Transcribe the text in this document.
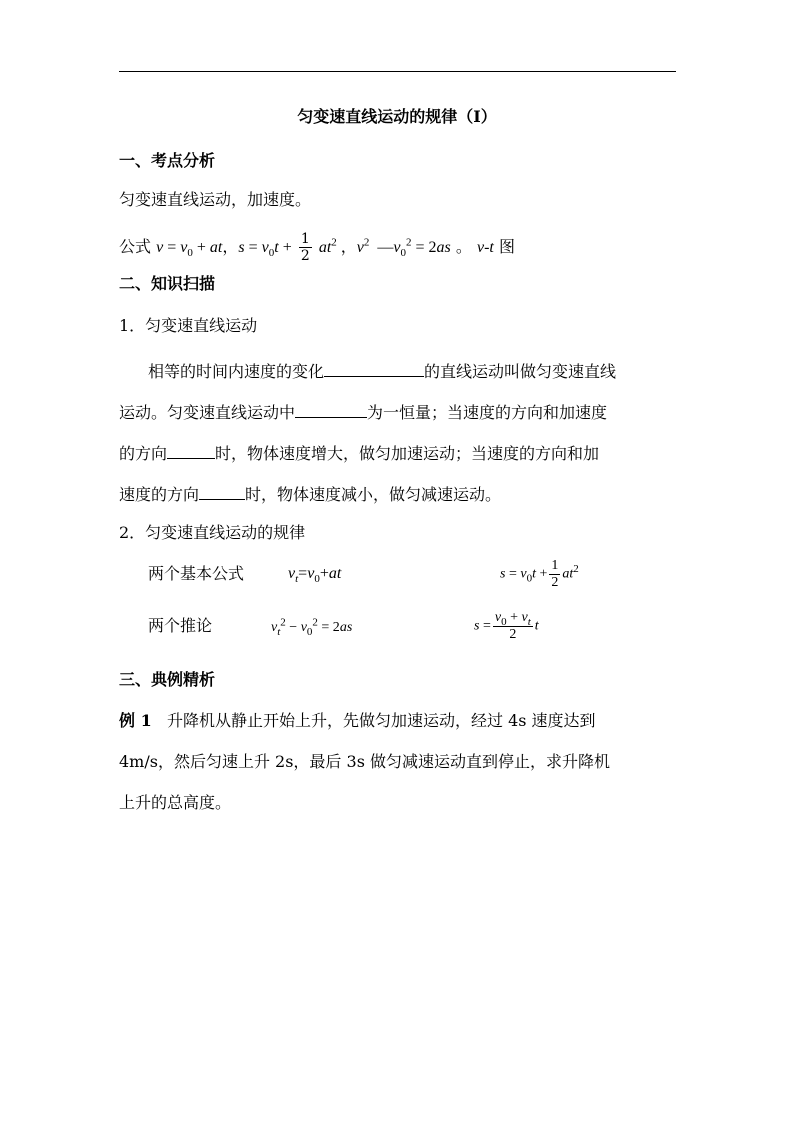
匀变速直线运动的规律（Ⅰ）
一、考点分析
匀变速直线运动，加速度。
公式 $v = v_0$ + at，$s = v_0t + \frac{1}{2} at^2$ ，$v^2$  $—v_0^2 = 2as$ 。 v-t 图
二、知识扫描
1．匀变速直线运动
相等的时间内速度的变化	的直线运动叫做匀变速直线
运动。匀变速直线运动中	为一恒量；当速度的方向和加速度
的方向	时，物体速度增大，做匀加速运动；当速度的方向和加
速度的方向	时，物体速度减小，做匀减速运动。
2．匀变速直线运动的规律
两个基本公式	$v_t=v_0+at$	$s = v_0t + \frac{1}{2} at^2$
两个推论	$v_t^2 - v_0^2 = 2as$	$s = \frac{v_0 + v_t}{2}$ t
三、典例精析
例 1 升降机从静止开始上升，先做匀加速运动，经过 4s 速度达到
4m/s，然后匀速上升 2s，最后 3s 做匀减速运动直到停止，求升降机
上升的总高度。
